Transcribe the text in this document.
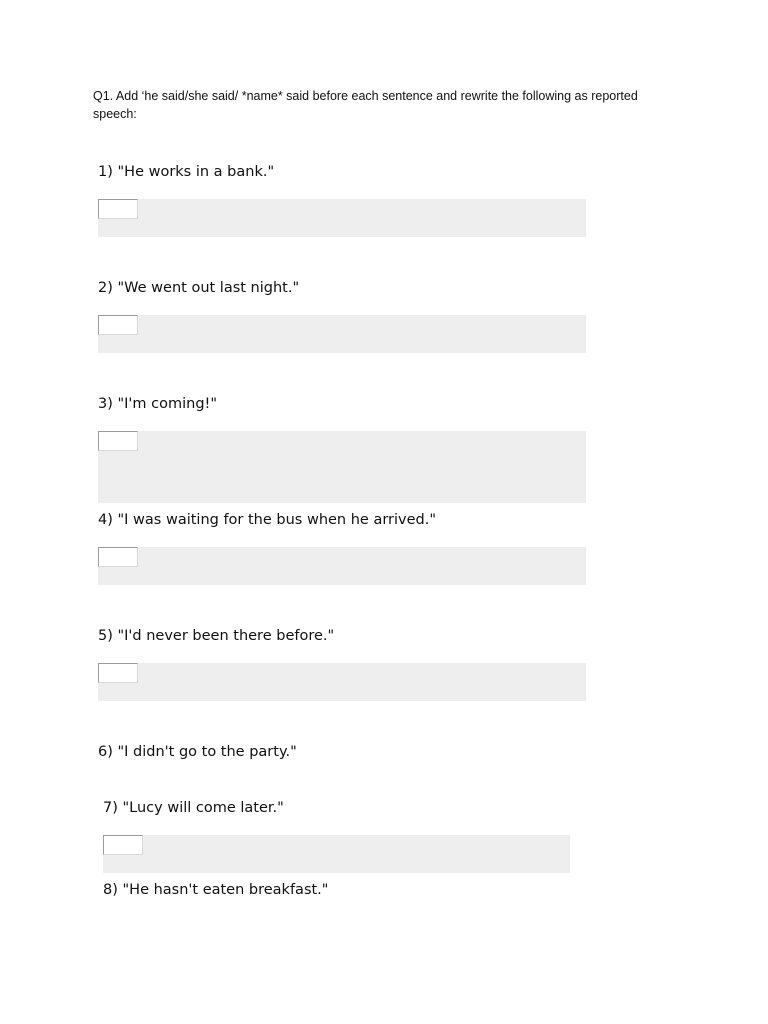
Q1. Add ‘he said/she said/ *name* said before each sentence and rewrite the following as reported speech:
1) "He works in a bank."
2) "We went out last night."
3) "I'm coming!"
4) "I was waiting for the bus when he arrived."
5) "I'd never been there before."
6) "I didn't go to the party."
7) "Lucy will come later."
8) "He hasn't eaten breakfast."
